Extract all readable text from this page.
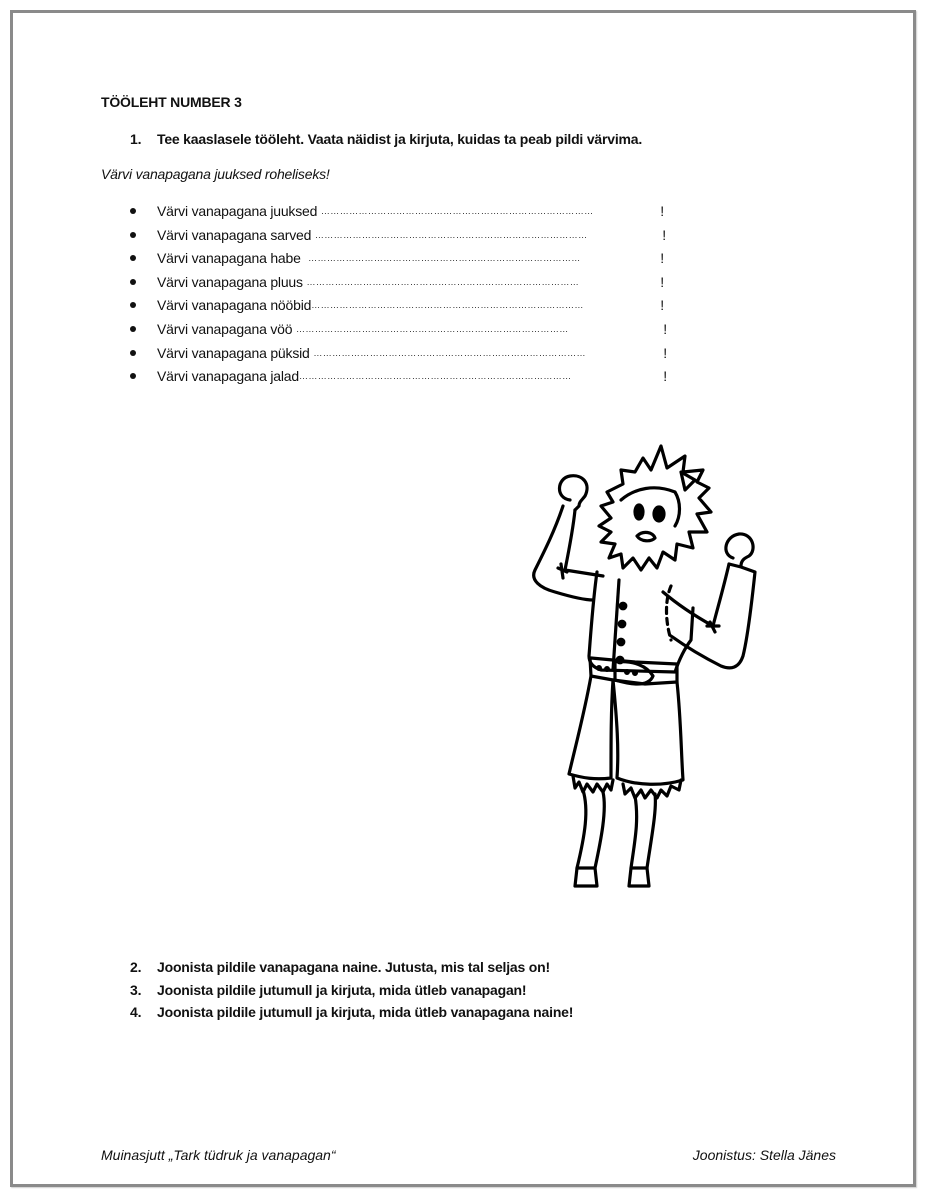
TÖÖLEHT NUMBER 3
1. Tee kaaslasele tööleht. Vaata näidist ja kirjuta, kuidas ta peab pildi värvima.
Värvi vanapagana juuksed roheliseks!
Värvi vanapagana juuksed ……………………………………………………………………………	!
Värvi vanapagana sarved ……………………………………………………………………………	!
Värvi vanapagana habe  ……………………………………………………………………………	!
Värvi vanapagana pluus ……………………………………………………………………………	!
Värvi vanapagana nööbid……………………………………………………………………………	!
Värvi vanapagana vöö ……………………………………………………………………………	!
Värvi vanapagana püksid ……………………………………………………………………………	!
Värvi vanapagana jalad……………………………………………………………………………	!
2. Joonista pildile vanapagana naine. Jutusta, mis tal seljas on!
3. Joonista pildile jutumull ja kirjuta, mida ütleb vanapagan!
4. Joonista pildile jutumull ja kirjuta, mida ütleb vanapagana naine!
Muinasjutt „Tark tüdruk ja vanapagan“	Joonistus: Stella Jänes
